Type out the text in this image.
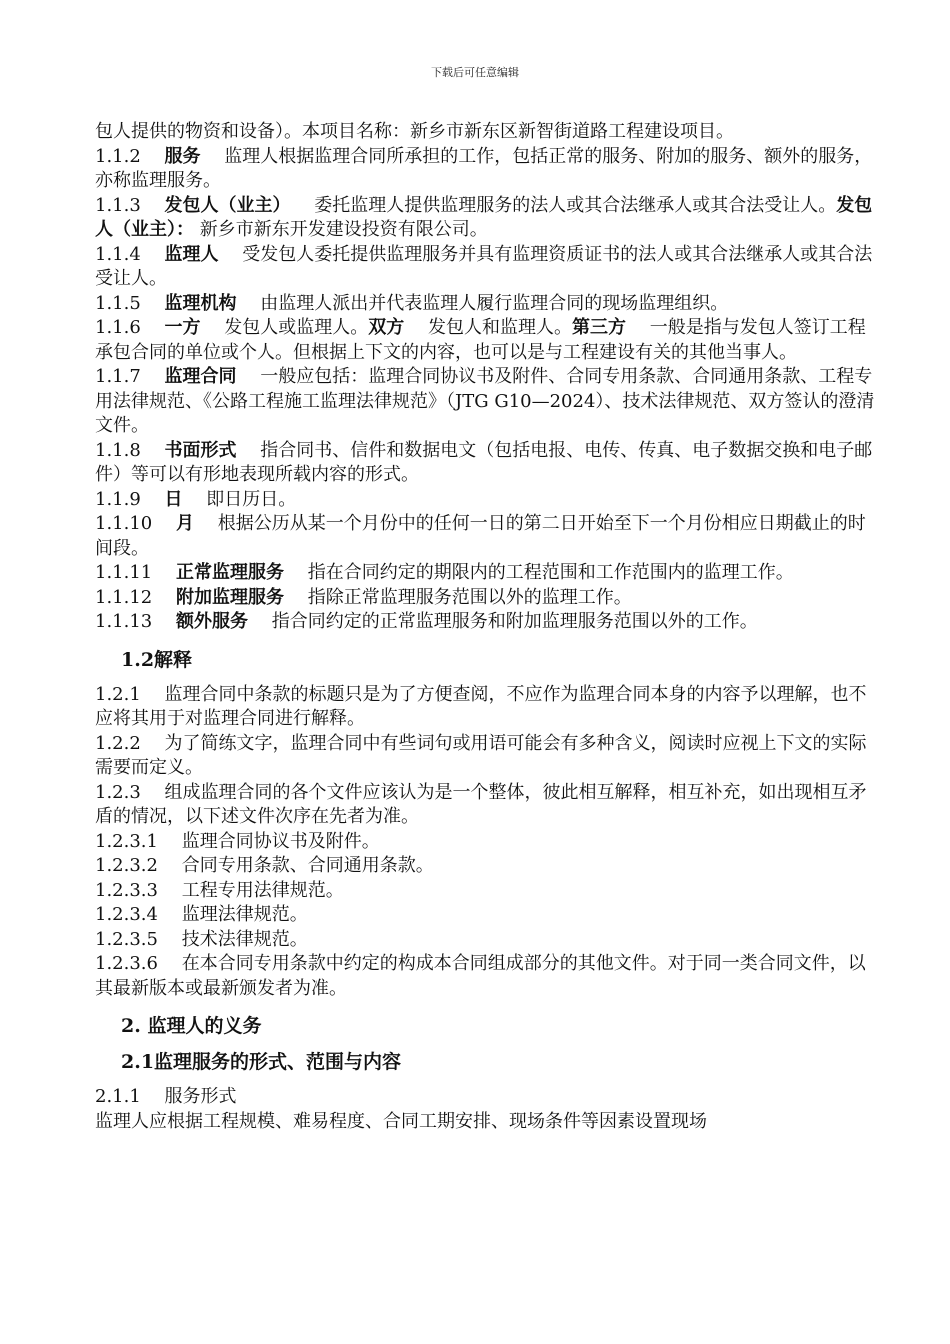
下载后可任意编辑

包人提供的物资和设备）。本项目名称：新乡市新东区新智街道路工程建设项目。

1.1.2 服务 监理人根据监理合同所承担的工作，包括正常的服务、附加的服务、额外的服务，亦称监理服务。

1.1.3 发包人（业主） 委托监理人提供监理服务的法人或其合法继承人或其合法受让人。发包人（业主）： 新乡市新东开发建设投资有限公司。

1.1.4 监理人 受发包人委托提供监理服务并具有监理资质证书的法人或其合法继承人或其合法受让人。

1.1.5 监理机构 由监理人派出并代表监理人履行监理合同的现场监理组织。

1.1.6 一方 发包人或监理人。双方 发包人和监理人。第三方 一般是指与发包人签订工程承包合同的单位或个人。但根据上下文的内容，也可以是与工程建设有关的其他当事人。

1.1.7 监理合同 一般应包括：监理合同协议书及附件、合同专用条款、合同通用条款、工程专用法律规范、《公路工程施工监理法律规范》（JTG G10—2024）、技术法律规范、双方签认的澄清文件。

1.1.8 书面形式 指合同书、信件和数据电文（包括电报、电传、传真、电子数据交换和电子邮件）等可以有形地表现所载内容的形式。

1.1.9 日 即日历日。

1.1.10 月 根据公历从某一个月份中的任何一日的第二日开始至下一个月份相应日期截止的时间段。

1.1.11 正常监理服务 指在合同约定的期限内的工程范围和工作范围内的监理工作。

1.1.12 附加监理服务 指除正常监理服务范围以外的监理工作。

1.1.13 额外服务 指合同约定的正常监理服务和附加监理服务范围以外的工作。

1.2解释

1.2.1 监理合同中条款的标题只是为了方便查阅，不应作为监理合同本身的内容予以理解，也不应将其用于对监理合同进行解释。

1.2.2 为了简练文字，监理合同中有些词句或用语可能会有多种含义，阅读时应视上下文的实际需要而定义。

1.2.3 组成监理合同的各个文件应该认为是一个整体，彼此相互解释，相互补充，如出现相互矛盾的情况，以下述文件次序在先者为准。

1.2.3.1 监理合同协议书及附件。

1.2.3.2 合同专用条款、合同通用条款。

1.2.3.3 工程专用法律规范。

1.2.3.4 监理法律规范。

1.2.3.5 技术法律规范。

1.2.3.6 在本合同专用条款中约定的构成本合同组成部分的其他文件。对于同一类合同文件，以其最新版本或最新颁发者为准。

2. 监理人的义务
2.1监理服务的形式、范围与内容

2.1.1 服务形式

监理人应根据工程规模、难易程度、合同工期安排、现场条件等因素设置现场
